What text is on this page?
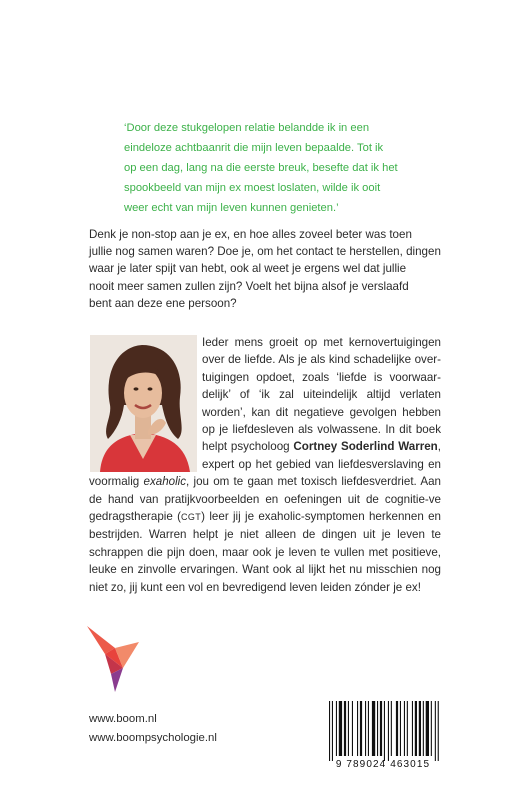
‘Door deze stukgelopen relatie belandde ik in een
eindeloze achtbaanrit die mijn leven bepaalde. Tot ik
op een dag, lang na die eerste breuk, besefte dat ik het
spookbeeld van mijn ex moest loslaten, wilde ik ooit
weer echt van mijn leven kunnen genieten.’

Denk je non-stop aan je ex, en hoe alles zoveel beter was toen
jullie nog samen waren? Doe je, om het contact te herstellen, dingen
waar je later spijt van hebt, ook al weet je ergens wel dat jullie
nooit meer samen zullen zijn? Voelt het bijna alsof je verslaafd
bent aan deze ene persoon?

Ieder mens groeit op met kernovertuigingen over de liefde. Als je als kind schadelijke over-tuigingen opdoet, zoals ‘liefde is voorwaar-delijk’ of ‘ik zal uiteindelijk altijd verlaten worden’, kan dit negatieve gevolgen hebben op je liefdesleven als volwassene. In dit boek helpt psycholoog Cortney Soderlind Warren, expert op het gebied van liefdesverslaving en voormalig exaholic, jou om te gaan met toxisch liefdesverdriet. Aan de hand van pratijkvoorbeelden en oefeningen uit de cognitie-ve gedragstherapie (CGT) leer jij je exaholic-symptomen herkennen en bestrijden. Warren helpt je niet alleen de dingen uit je leven te schrappen die pijn doen, maar ook je leven te vullen met positieve, leuke en zinvolle ervaringen. Want ook al lijkt het nu misschien nog niet zo, jij kunt een vol en bevredigend leven leiden zónder je ex!

www.boom.nl
www.boompsychologie.nl
9 789024 463015
